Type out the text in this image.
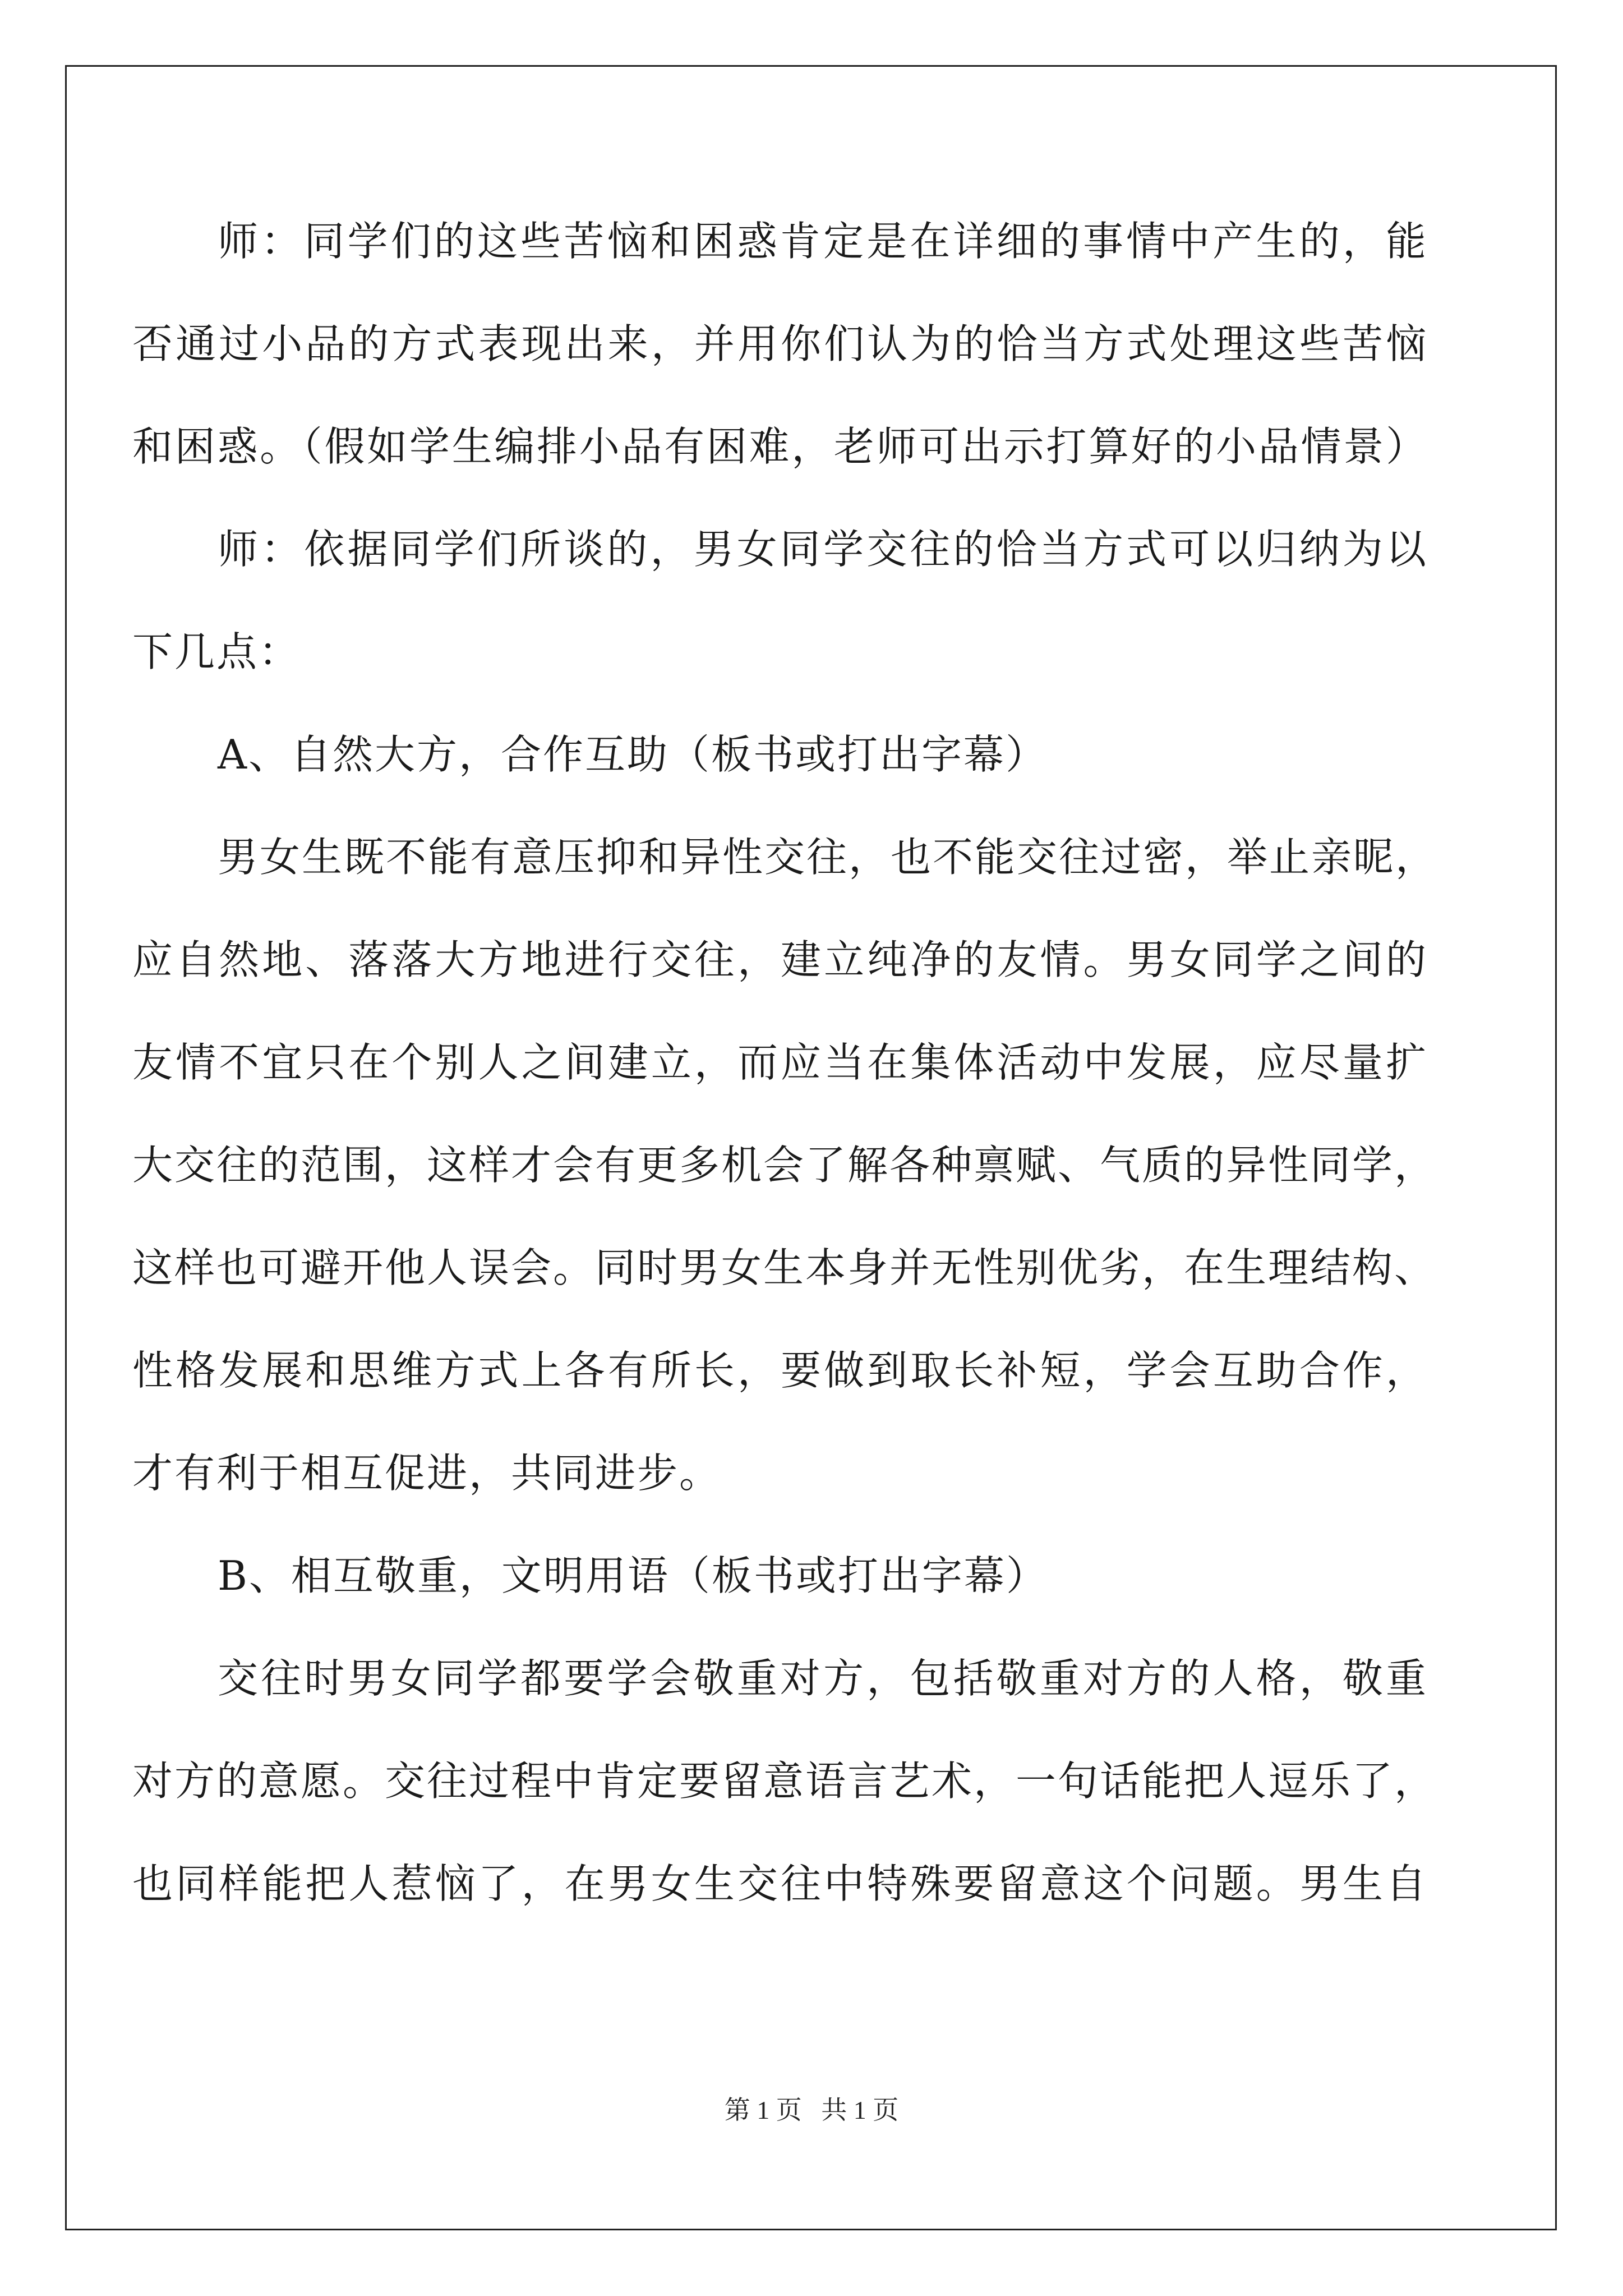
师：同学们的这些苦恼和困惑肯定是在详细的事情中产生的，能
否通过小品的方式表现出来，并用你们认为的恰当方式处理这些苦恼
和困惑。（假如学生编排小品有困难，老师可出示打算好的小品情景）
师：依据同学们所谈的，男女同学交往的恰当方式可以归纳为以
下几点：
A、自然大方，合作互助（板书或打出字幕）
男女生既不能有意压抑和异性交往，也不能交往过密，举止亲昵，
应自然地、落落大方地进行交往，建立纯净的友情。男女同学之间的
友情不宜只在个别人之间建立，而应当在集体活动中发展，应尽量扩
大交往的范围，这样才会有更多机会了解各种禀赋、气质的异性同学，
这样也可避开他人误会。同时男女生本身并无性别优劣，在生理结构、
性格发展和思维方式上各有所长，要做到取长补短，学会互助合作，
才有利于相互促进，共同进步。
B、相互敬重，文明用语（板书或打出字幕）
交往时男女同学都要学会敬重对方，包括敬重对方的人格，敬重
对方的意愿。交往过程中肯定要留意语言艺术，一句话能把人逗乐了，
也同样能把人惹恼了，在男女生交往中特殊要留意这个问题。男生自
第 1 页   共 1 页
